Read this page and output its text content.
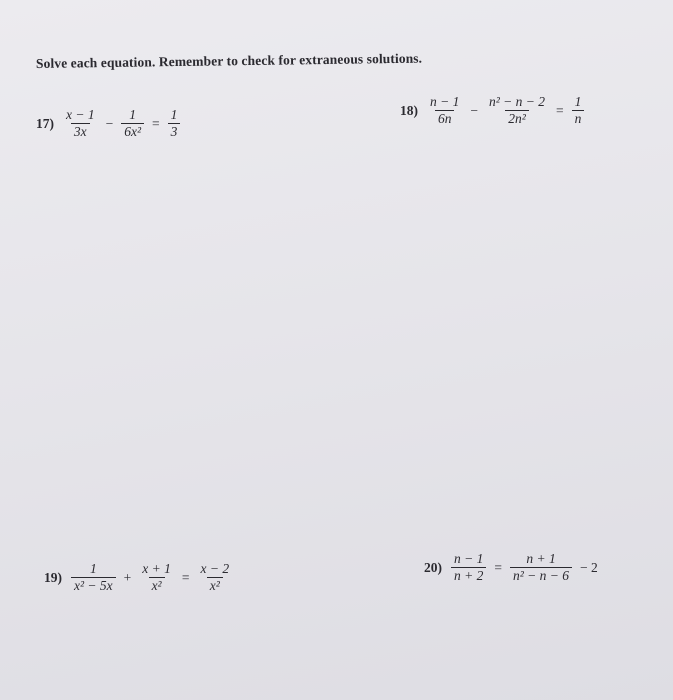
Solve each equation. Remember to check for extraneous solutions.
$17) \frac{x - 1}{3x} - \frac{1}{\text{6x²}} = \frac{1}{3}$	$18) \frac{n - 1}{6n} - \frac{\text{n² − n − 2}}{\text{2n²}} = \frac{1}{n}$
$19) \frac{1}{\text{x² − 5x}} + \frac{x + 1}{\text{x²}} = \frac{x - 2}{\text{x²}}$	$20) \frac{n - 1}{n + 2} = \frac{n + 1}{\text{n² − n − 6}} - 2$
